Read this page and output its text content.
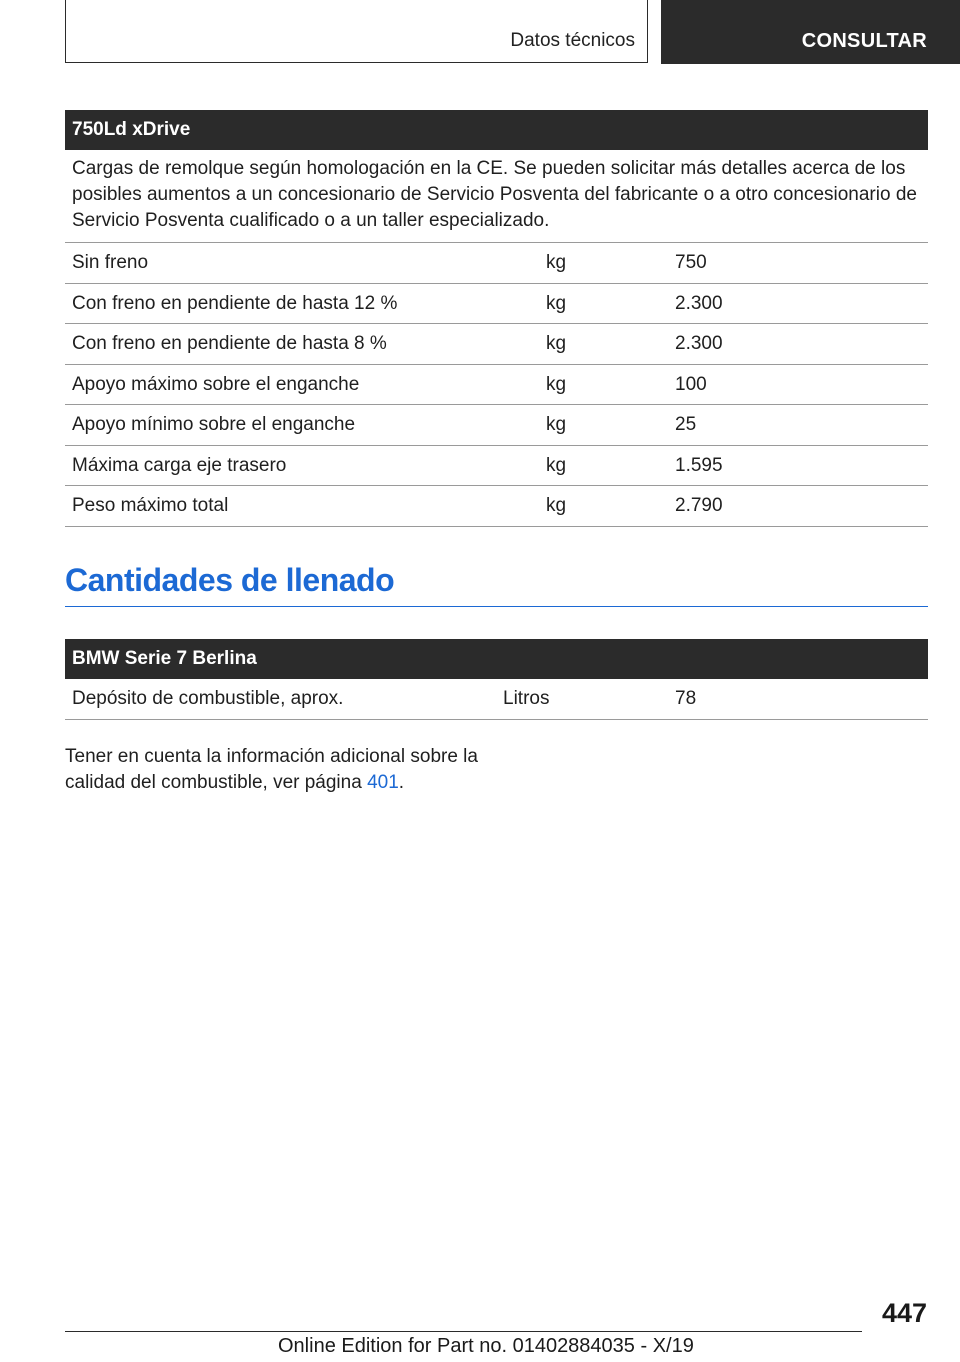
Datos técnicos	CONSULTAR
750Ld xDrive
Cargas de remolque según homologación en la CE. Se pueden solicitar más detalles acerca de los posibles aumentos a un concesionario de Servicio Posventa del fabricante o a otro concesionario de Servicio Posventa cualificado o a un taller especializado.
Sin freno	kg	750
Con freno en pendiente de hasta 12 %	kg	2.300
Con freno en pendiente de hasta 8 %	kg	2.300
Apoyo máximo sobre el enganche	kg	100
Apoyo mínimo sobre el enganche	kg	25
Máxima carga eje trasero	kg	1.595
Peso máximo total	kg	2.790
Cantidades de llenado
BMW Serie 7 Berlina
Depósito de combustible, aprox.	Litros	78
Tener en cuenta la información adicional sobre la calidad del combustible, ver página 401.
447
Online Edition for Part no. 01402884035 - X/19
